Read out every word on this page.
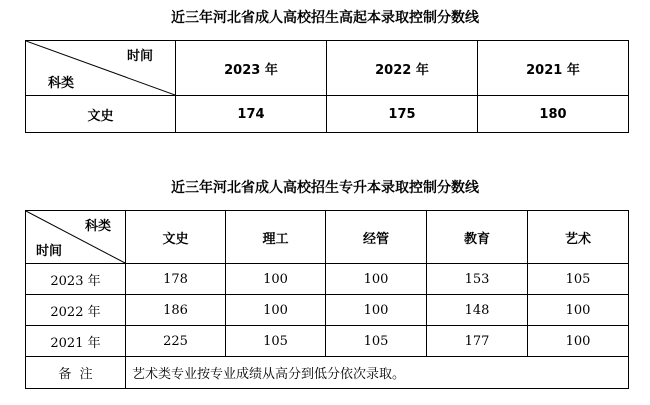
近三年河北省成人高校招生高起本录取控制分数线
时间
科类	2023 年	2022 年	2021 年
文史	174	175	180
近三年河北省成人高校招生专升本录取控制分数线
科类
时间	文史	理工	经管	教育	艺术
2023 年	178	100	100	153	105
2022 年	186	100	100	148	100
2021 年	225	105	105	177	100
备  注	艺术类专业按专业成绩从高分到低分依次录取。				
